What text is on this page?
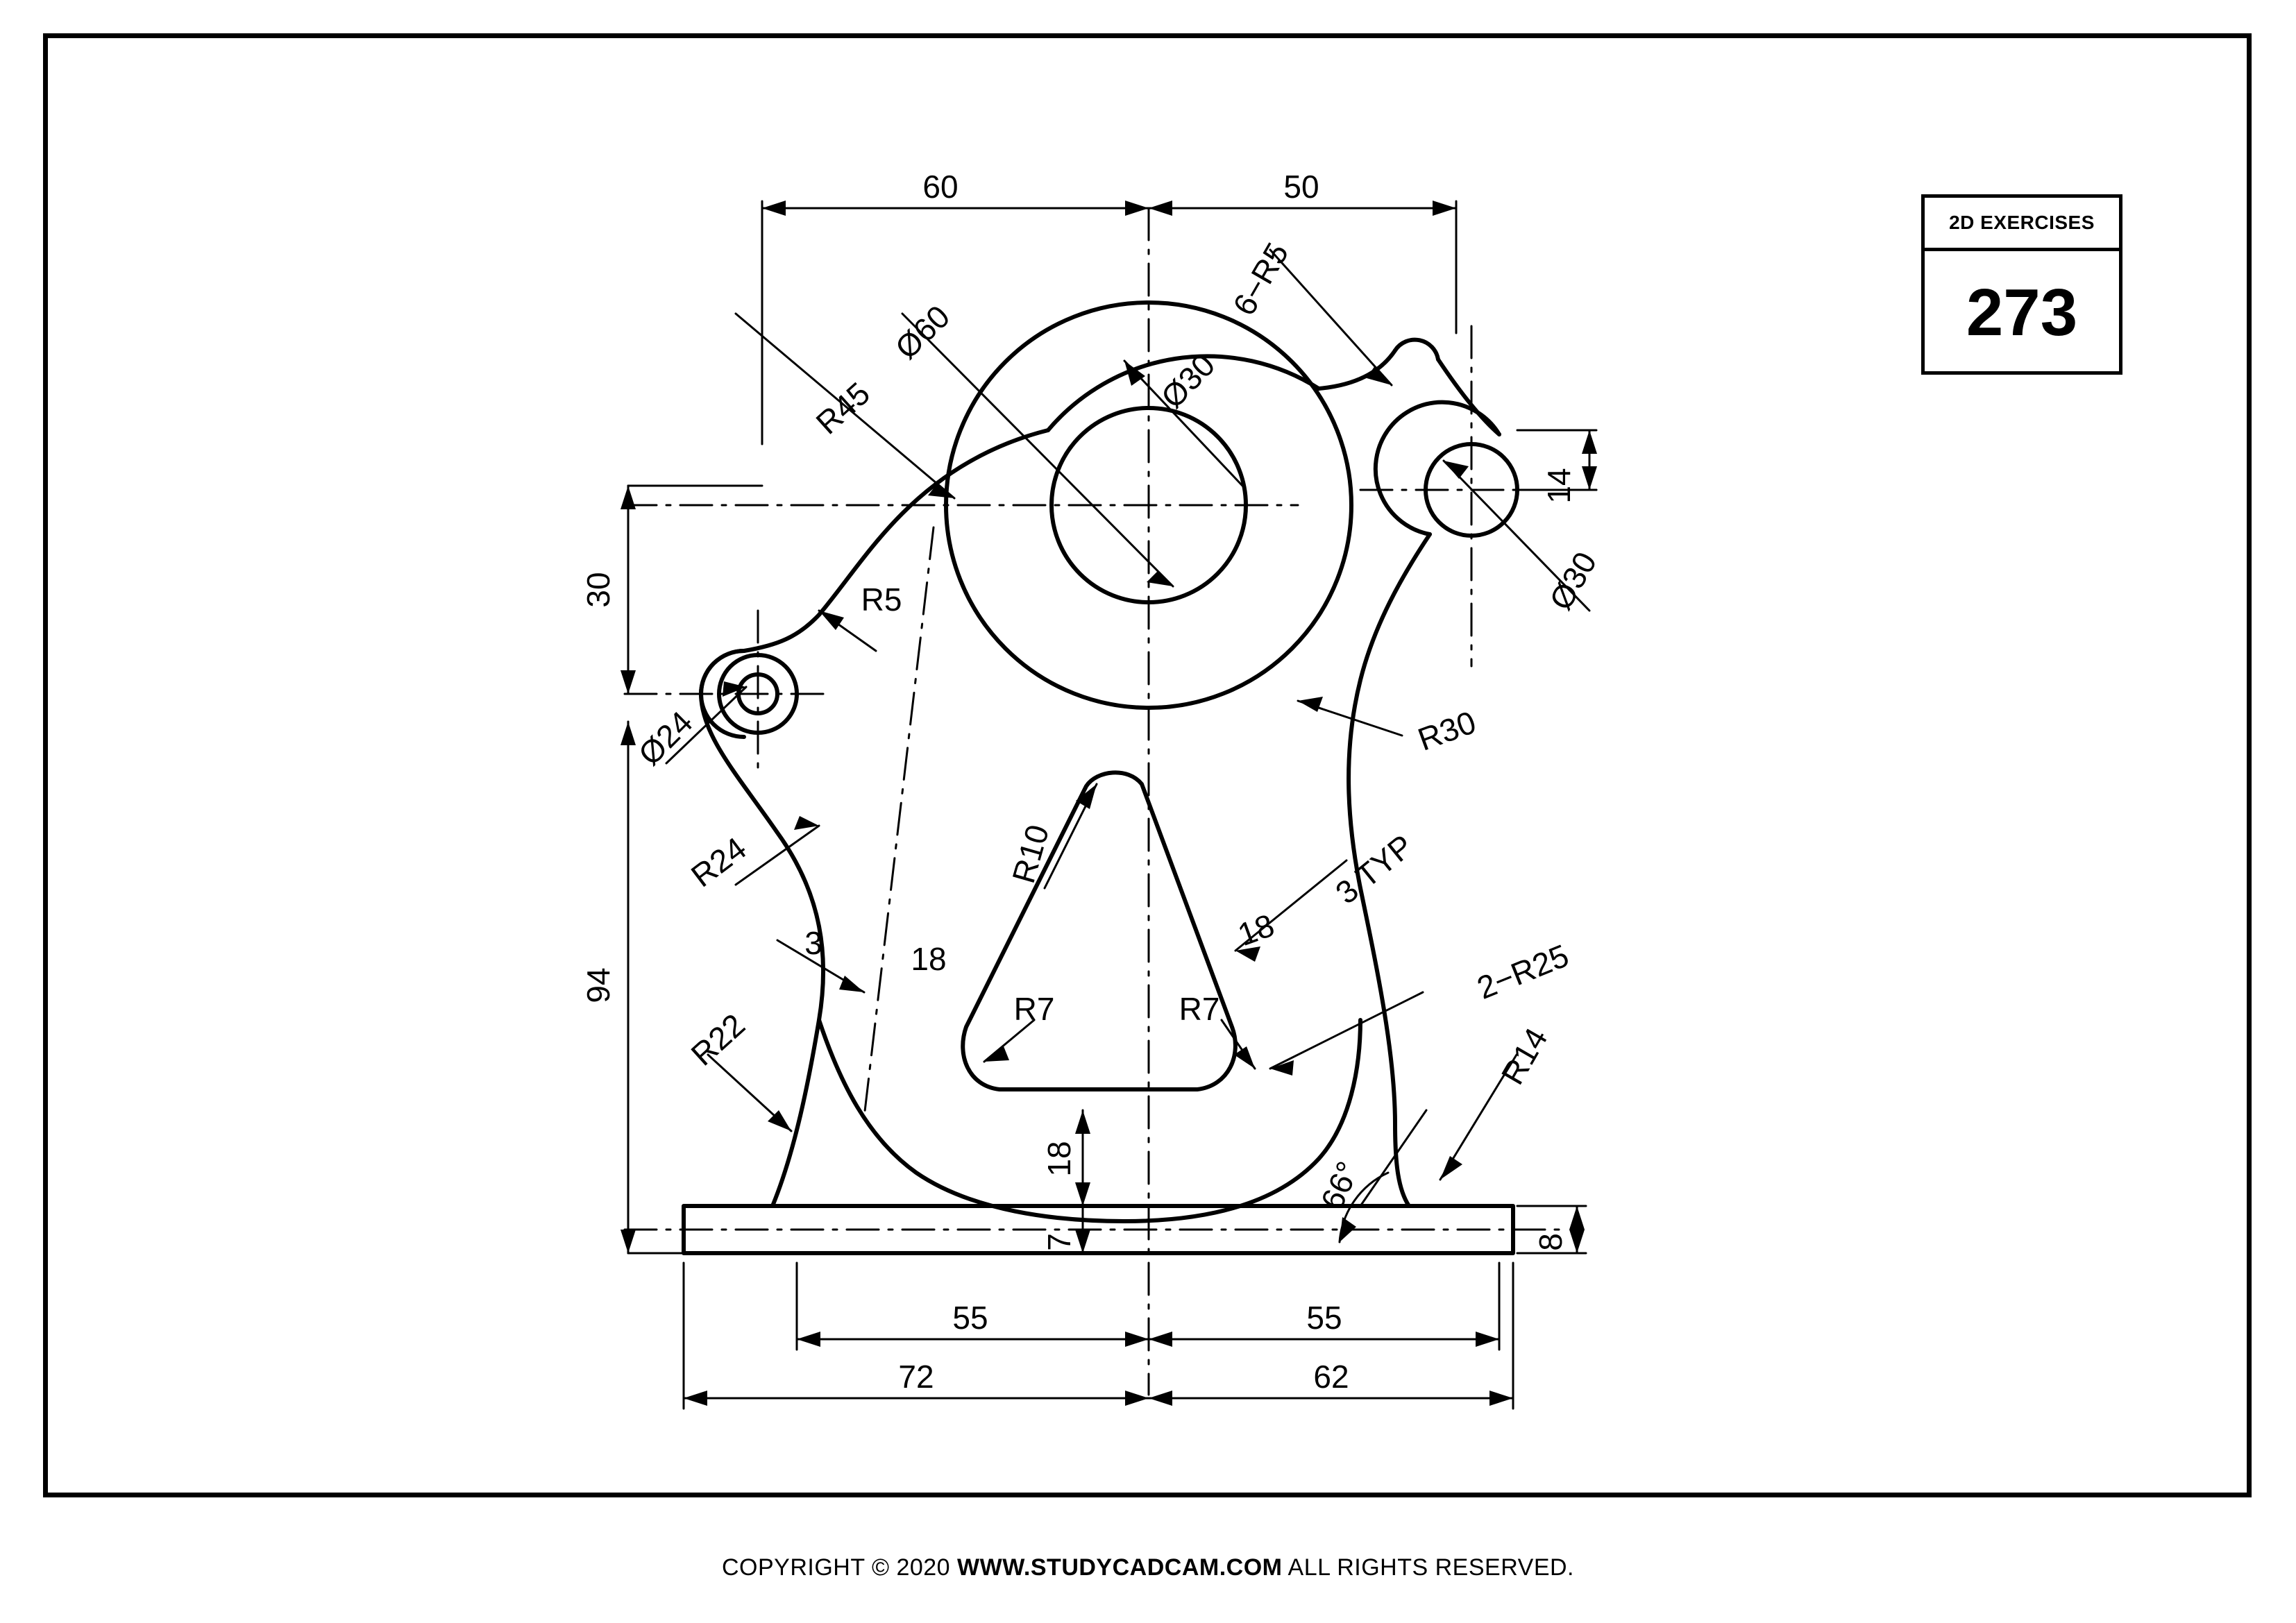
60	50
Ø60
Ø30
6−R5
R45
14
Ø30
30	R5
Ø24
R24
R30
94
R10	3 TYP
18
3	18
R7	R7
2−R25
R22	R14
18
7
66°
8
55	55
72	62
2D EXERCISES
273
COPYRIGHT © 2020 WWW.STUDYCADCAM.COM ALL RIGHTS RESERVED.
